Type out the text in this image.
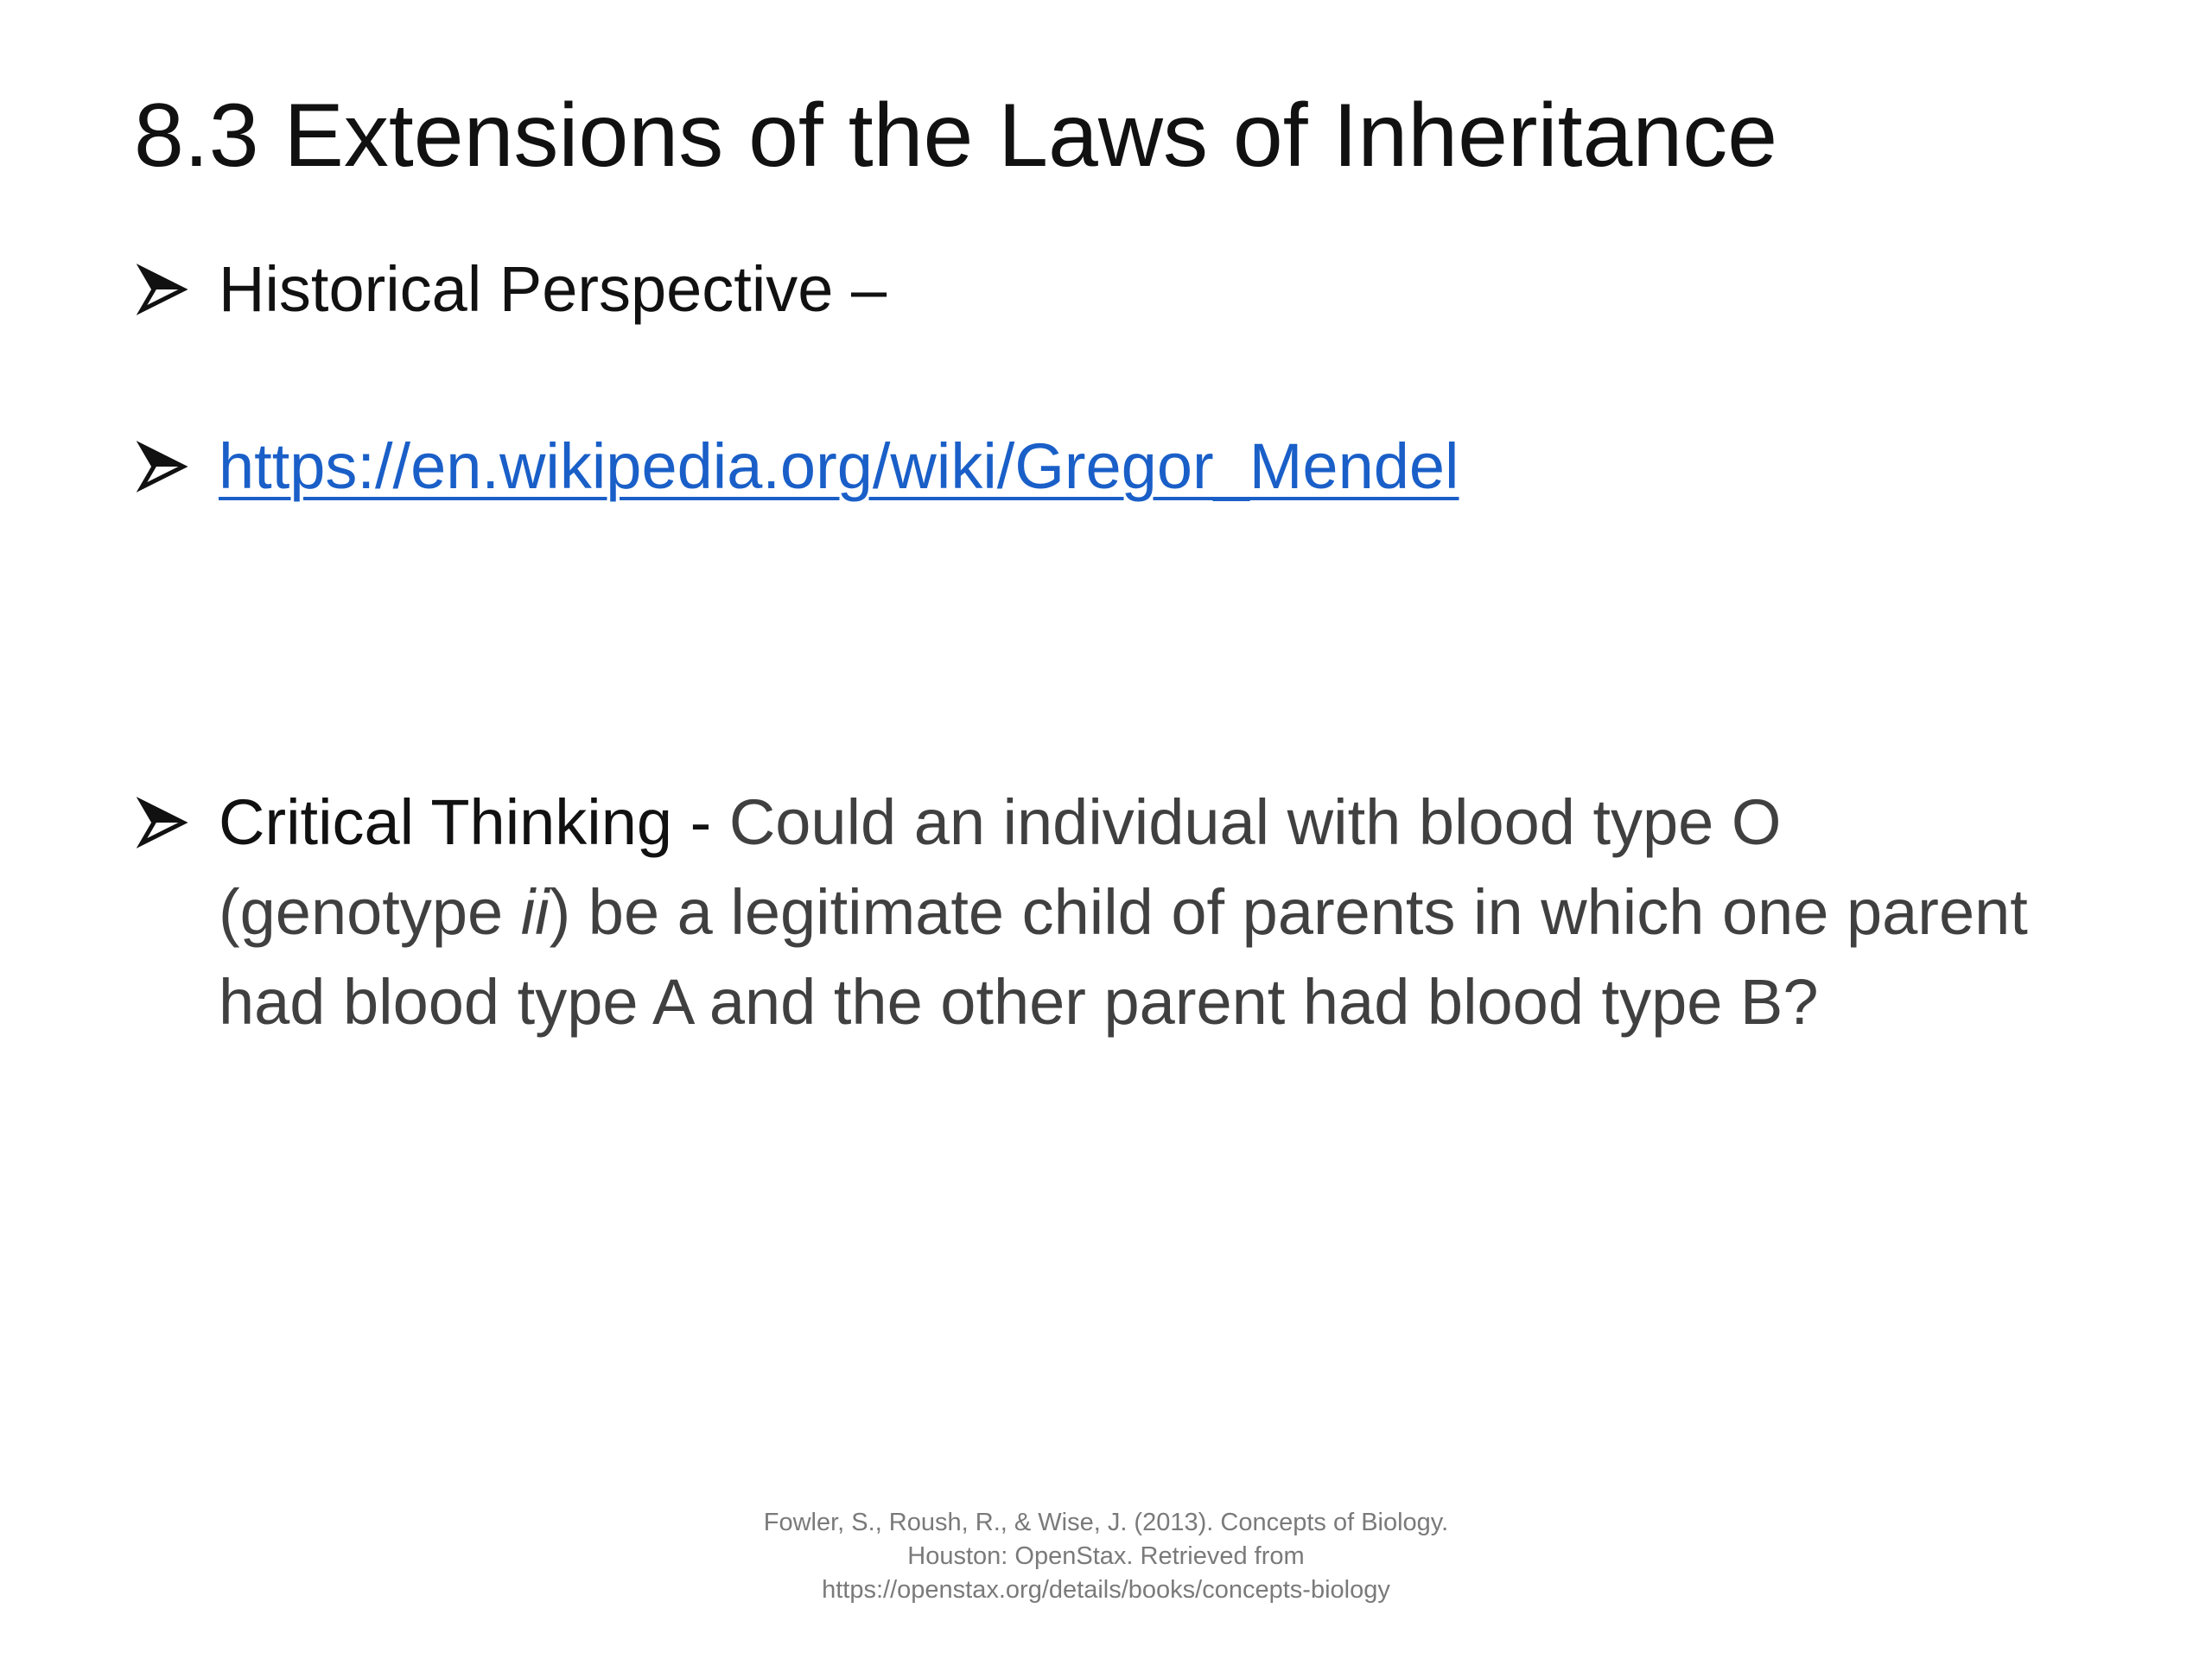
8.3 Extensions of the Laws of Inheritance
Historical Perspective –
https://en.wikipedia.org/wiki/Gregor_Mendel
Critical Thinking - Could an individual with blood type O (genotype ii) be a legitimate child of parents in which one parent had blood type A and the other parent had blood type B?
Fowler, S., Roush, R., & Wise, J. (2013). Concepts of Biology.
Houston: OpenStax. Retrieved from
https://openstax.org/details/books/concepts-biology
